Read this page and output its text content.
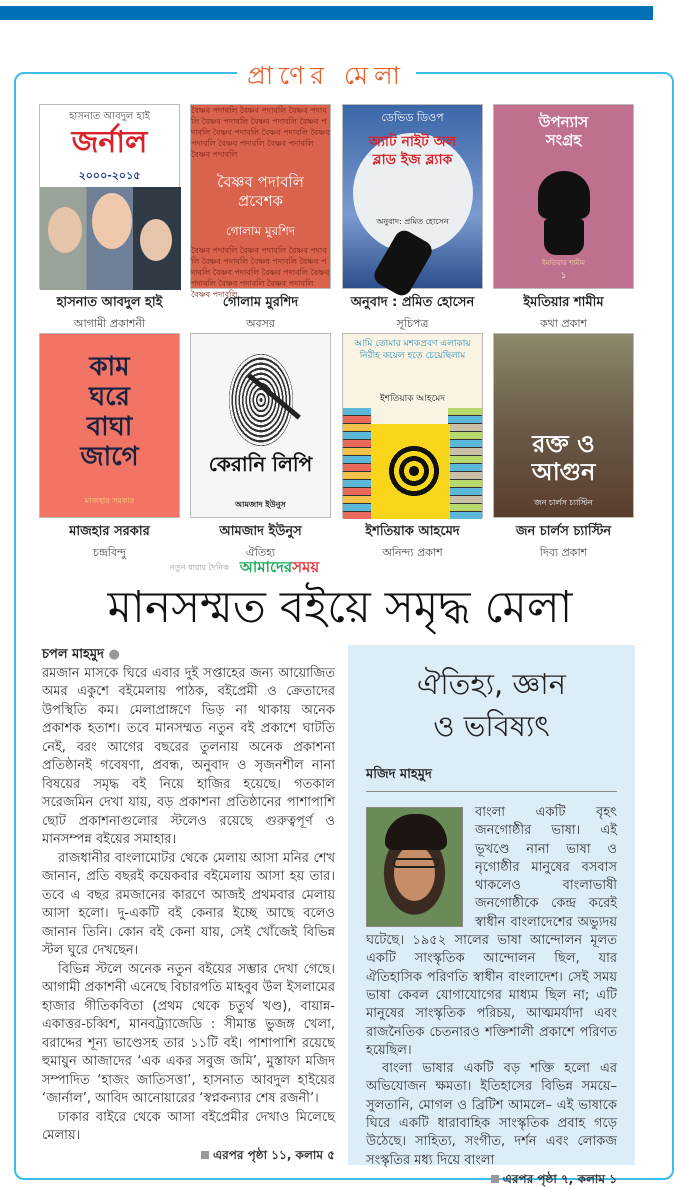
প্রাণের মেলা
হাসনাত আবদুল হাই
জর্নাল
২০০০-২০১৫
হাসনাত আবদুল হাই
আগামী প্রকাশনী
বৈষ্ণব পদাবলি বৈষ্ণব পদাবলি বৈষ্ণব পদাবলি বৈষ্ণব পদাবলি বৈষ্ণব পদাবলি বৈষ্ণব পদাবলি বৈষ্ণব পদাবলি বৈষ্ণব পদাবলি বৈষ্ণব পদাবলি বৈষ্ণব পদাবলি বৈষ্ণব পদাবলি বৈষ্ণব পদাবলি
বৈষ্ণব পদাবলি প্রবেশক
গোলাম মুরশিদ
বৈষ্ণব পদাবলি বৈষ্ণব পদাবলি বৈষ্ণব পদাবলি বৈষ্ণব পদাবলি বৈষ্ণব পদাবলি বৈষ্ণব পদাবলি বৈষ্ণব পদাবলি বৈষ্ণব পদাবলি বৈষ্ণব পদাবলি বৈষ্ণব পদাবলি বৈষ্ণব পদাবলি বৈষ্ণব পদাবলি
গোলাম মুরশিদ
অবসর
ডেভিড ডিওপ
অ্যাট নাইট অল ব্লাড ইজ ব্ল্যাক
অনুবাদ: প্রমিত হোসেন
অনুবাদ : প্রমিত হোসেন
সূচিপত্র
উপন্যাস সংগ্রহ
ইমতিয়ার শামীম
১
ইমতিয়ার শামীম
কথা প্রকাশ
কাম ঘরে বাঘা জাগে
মাজহার সরকার
মাজহার সরকার
চন্দ্রবিন্দু
কেরানি লিপি
আমজাদ ইউনুস
আমজাদ ইউনুস
ঐতিহ্য
আমি তোমার মশকপ্রবণ এলাকায় নিরীহ কয়েল হতে চেয়েছিলাম
ইশতিয়াক আহমেদ
ইশতিয়াক আহমেদ
অনিন্দ্য প্রকাশ
রক্ত ও আগুন
জন চার্লস চ্যাস্টিন
জন চার্লস চ্যাস্টিন
দিব্য প্রকাশ
নতুন ধারার দৈনিক আমাদেরসময়
মানসম্মত বইয়ে সমৃদ্ধ মেলা
চপল মাহমুদ ●

রমজান মাসকে ঘিরে এবার দুই সপ্তাহের জন্য আয়োজিত অমর একুশে বইমেলায় পাঠক, বইপ্রেমী ও ক্রেতাদের উপস্থিতি কম। মেলাপ্রাঙ্গণে ভিড় না থাকায় অনেক প্রকাশক হতাশ। তবে মানসম্মত নতুন বই প্রকাশে ঘাটতি নেই, বরং আগের বছরের তুলনায় অনেক প্রকাশনা প্রতিষ্ঠানই গবেষণা, প্রবন্ধ, অনুবাদ ও সৃজনশীল নানা বিষয়ের সমৃদ্ধ বই নিয়ে হাজির হয়েছে। গতকাল সরেজমিন দেখা যায়, বড় প্রকাশনা প্রতিষ্ঠানের পাশাপাশি ছোট প্রকাশনাগুলোর স্টলেও রয়েছে গুরুত্বপূর্ণ ও মানসম্পন্ন বইয়ের সমাহার।

রাজধানীর বাংলামোটর থেকে মেলায় আসা মনির শেখ জানান, প্রতি বছরই কয়েকবার বইমেলায় আসা হয় তার। তবে এ বছর রমজানের কারণে আজই প্রথমবার মেলায় আসা হলো। দু-একটি বই কেনার ইচ্ছে আছে বলেও জানান তিনি। কোন বই কেনা যায়, সেই খোঁজেই বিভিন্ন স্টল ঘুরে দেখছেন।

বিভিন্ন স্টলে অনেক নতুন বইয়ের সম্ভার দেখা গেছে। আগামী প্রকাশনী এনেছে বিচারপতি মাহবুব উল ইসলামের হাজার গীতিকবিতা (প্রথম থেকে চতুর্থ খণ্ড), বায়ান্ন-একাত্তর-চব্বিশ, মানবট্র্যাজেডি : সীমান্ত ভুজঙ্গ খেলা, বরাদ্দের শূন্য ভাণ্ডেসহ তার ১১টি বই। পাশাপাশি রয়েছে হুমায়ুন আজাদের ‘এক একর সবুজ জমি’, মুস্তাফা মজিদ সম্পাদিত ‘হাজং জাতিসত্তা’, হাসনাত আবদুল হাইয়ের ‘জার্নাল’, আবিদ আনোয়ারের ‘স্বপ্নকন্যার শেষ রজনী’।

ঢাকার বাইরে থেকে আসা বইপ্রেমীর দেখাও মিলেছে মেলায়।

এরপর পৃষ্ঠা ১১, কলাম ৫
ঐতিহ্য, জ্ঞান
ও ভবিষ্যৎ
মজিদ মাহমুদ

বাংলা একটি বৃহৎ জনগোষ্ঠীর ভাষা। এই ভূখণ্ডে নানা ভাষা ও নৃগোষ্ঠীর মানুষের বসবাস থাকলেও বাংলাভাষী জনগোষ্ঠীকে কেন্দ্র করেই স্বাধীন বাংলাদেশের অভ্যুদয় ঘটেছে। ১৯৫২ সালের ভাষা আন্দোলন মূলত একটি সাংস্কৃতিক আন্দোলন ছিল, যার ঐতিহাসিক পরিণতি স্বাধীন বাংলাদেশ। সেই সময় ভাষা কেবল যোগাযোগের মাধ্যম ছিল না; এটি মানুষের সাংস্কৃতিক পরিচয়, আত্মমর্যাদা এবং রাজনৈতিক চেতনারও শক্তিশালী প্রকাশে পরিণত হয়েছিল।

বাংলা ভাষার একটি বড় শক্তি হলো এর অভিযোজন ক্ষমতা। ইতিহাসের বিভিন্ন সময়ে– সুলতানি, মোগল ও ব্রিটিশ আমলে– এই ভাষাকে ঘিরে একটি ধারাবাহিক সাংস্কৃতিক প্রবাহ গড়ে উঠেছে। সাহিত্য, সংগীত, দর্শন এবং লোকজ সংস্কৃতির মধ্য দিয়ে বাংলা

এরপর পৃষ্ঠা ৭, কলাম ১
